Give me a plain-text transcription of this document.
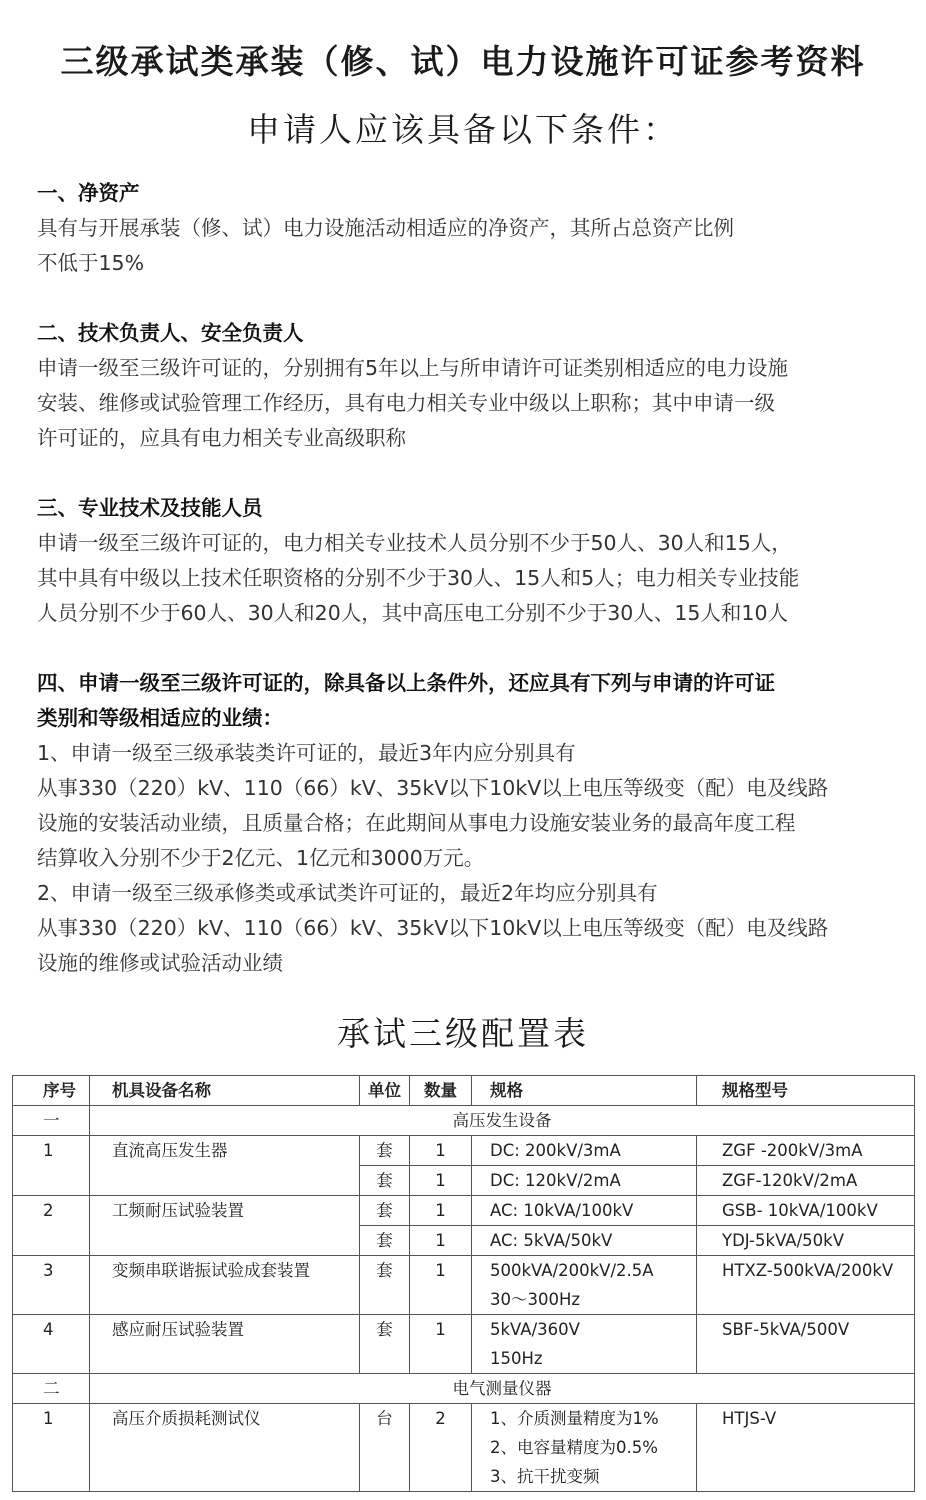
三级承试类承装（修、试）电力设施许可证参考资料
申请人应该具备以下条件：
一、净资产
具有与开展承装（修、试）电力设施活动相适应的净资产，其所占总资产比例
不低于15%
二、技术负责人、安全负责人
申请一级至三级许可证的，分别拥有5年以上与所申请许可证类别相适应的电力设施
安装、维修或试验管理工作经历，具有电力相关专业中级以上职称；其中申请一级
许可证的，应具有电力相关专业高级职称
三、专业技术及技能人员
申请一级至三级许可证的，电力相关专业技术人员分别不少于50人、30人和15人，
其中具有中级以上技术任职资格的分别不少于30人、15人和5人；电力相关专业技能
人员分别不少于60人、30人和20人，其中高压电工分别不少于30人、15人和10人
四、申请一级至三级许可证的，除具备以上条件外，还应具有下列与申请的许可证
类别和等级相适应的业绩：
1、申请一级至三级承装类许可证的，最近3年内应分别具有
从事330（220）kV、110（66）kV、35kV以下10kV以上电压等级变（配）电及线路
设施的安装活动业绩，且质量合格；在此期间从事电力设施安装业务的最高年度工程
结算收入分别不少于2亿元、1亿元和3000万元。
2、申请一级至三级承修类或承试类许可证的，最近2年均应分别具有
从事330（220）kV、110（66）kV、35kV以下10kV以上电压等级变（配）电及线路
设施的维修或试验活动业绩
承试三级配置表
序号	机具设备名称	单位	数量	规格	规格型号
一	高压发生设备				
1	直流高压发生器	套	1	DC: 200kV/3mA	ZGF -200kV/3mA
		套	1	DC: 120kV/2mA	ZGF-120kV/2mA
2	工频耐压试验装置	套	1	AC: 10kVA/100kV	GSB- 10kVA/100kV
		套	1	AC: 5kVA/50kV	YDJ-5kVA/50kV
3	变频串联谐振试验成套装置	套	1	500kVA/200kV/2.5A
30～300Hz	HTXZ-500kVA/200kV
4	感应耐压试验装置	套	1	5kVA/360V
150Hz	SBF-5kVA/500V
二	电气测量仪器				
1	高压介质损耗测试仪	台	2	1、介质测量精度为1%
2、电容量精度为0.5%
3、抗干扰变频	HTJS-V
